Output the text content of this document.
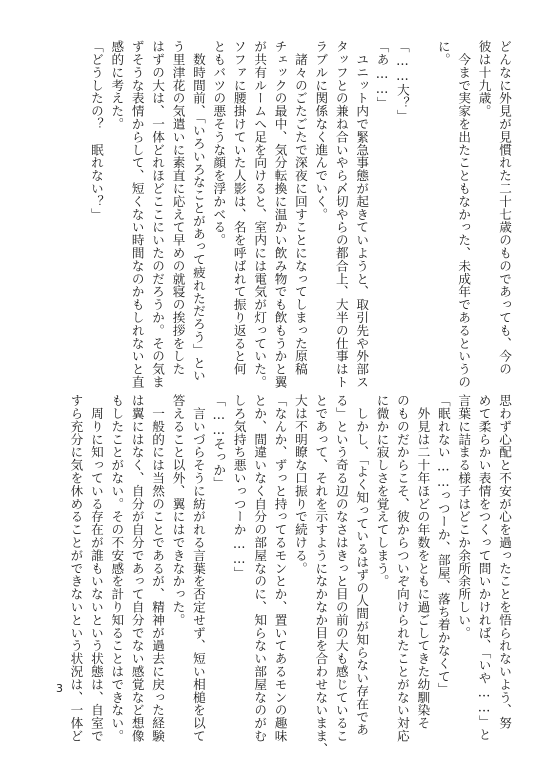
どんなに外見が見慣れた二十七歳のものであっても、今の
彼は十九歳。
　今まで実家を出たこともなかった、未成年であるというの
に。

「……大？」
「あ……」
　ユニット内で緊急事態が起きていようと、取引先や外部ス
タッフとの兼ね合いやら〆切やらの都合上、大半の仕事はト
ラブルに関係なく進んでいく。
　諸々のごたごたで深夜に回すことになってしまった原稿
チェックの最中、気分転換に温かい飲み物でも飲もうかと翼
が共有ルームへ足を向けると、室内には電気が灯っていた。
ソファに腰掛けていた人影は、名を呼ばれて振り返ると何
ともバツの悪そうな顔を浮かべる。
　数時間前、「いろいろなことがあって疲れただろう」とい
う里津花の気遣いに素直に応えて早めの就寝の挨拶をした
はずの大は、一体どれほどここにいたのだろうか。その気ま
ずそうな表情からして、短くない時間なのかもしれないと直
感的に考えた。
「どうしたの？　眠れない？」
思わず心配と不安が心を過ったことを悟られないよう、努
めて柔らかい表情をつくって問いかければ、「いや……」と
言葉に詰まる様子はどこか余所余所しい。
「眠れない……っつーか、部屋、落ち着かなくて」
　外見は二十年ほどの年数をともに過ごしてきた幼馴染そ
のものだからこそ、彼からついぞ向けられたことがない対応
に微かに寂しさを覚えてしまう。
　しかし、「よく知っているはずの人間が知らない存在であ
る」という奇る辺のなさはきっと目の前の大も感じているこ
とであって、それを示すようになかなか目を合わせないまま、
大は不明瞭な口振りで続ける。
「なんか、ずっと持ってるモンとか、置いてあるモンの趣味
とか、間違いなく自分の部屋なのに、知らない部屋なのがむ
しろ気持ち悪いっつーか……」
「……そっか」
　言いづらそうに紡がれる言葉を否定せず、短い相槌を以て
答えること以外、翼にはできなかった。
　一般的には当然のことであるが、精神が過去に戻った経験
は翼にはなく、自分が自分であって自分でない感覚など想像
もしたことがない。その不安感を計り知ることはできない。
　周りに知っている存在が誰もいないという状態は、自室で
すら充分に気を休めることができないという状況は、一体ど
3
